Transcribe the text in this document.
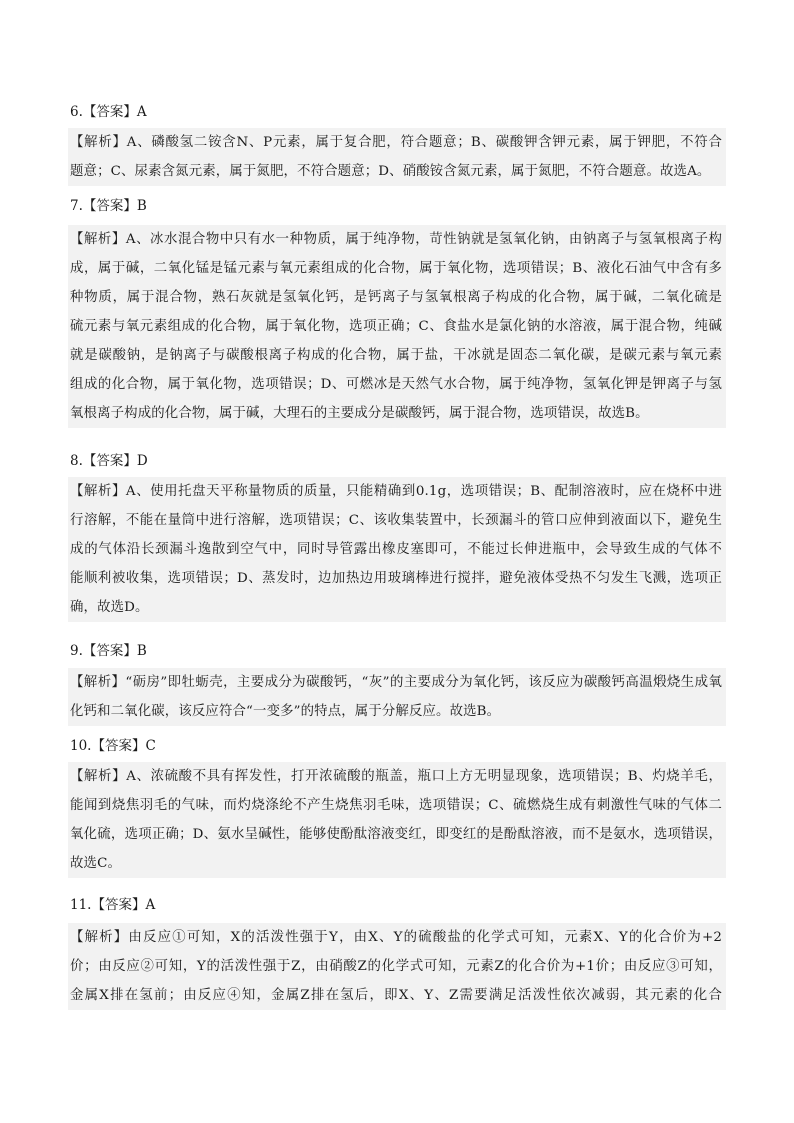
6.【答案】A
【解析】A、磷酸氢二铵含N、P元素，属于复合肥，符合题意；B、碳酸钾含钾元素，属于钾肥，不符合
题意；C、尿素含氮元素，属于氮肥，不符合题意；D、硝酸铵含氮元素，属于氮肥，不符合题意。故选A。
7.【答案】B
【解析】A、冰水混合物中只有水一种物质，属于纯净物，苛性钠就是氢氧化钠，由钠离子与氢氧根离子构
成，属于碱，二氧化锰是锰元素与氧元素组成的化合物，属于氧化物，选项错误；B、液化石油气中含有多
种物质，属于混合物，熟石灰就是氢氧化钙，是钙离子与氢氧根离子构成的化合物，属于碱，二氧化硫是
硫元素与氧元素组成的化合物，属于氧化物，选项正确；C、食盐水是氯化钠的水溶液，属于混合物，纯碱
就是碳酸钠，是钠离子与碳酸根离子构成的化合物，属于盐，干冰就是固态二氧化碳，是碳元素与氧元素
组成的化合物，属于氧化物，选项错误；D、可燃冰是天然气水合物，属于纯净物，氢氧化钾是钾离子与氢
氧根离子构成的化合物，属于碱，大理石的主要成分是碳酸钙，属于混合物，选项错误，故选B。
8.【答案】D
【解析】A、使用托盘天平称量物质的质量，只能精确到0.1g，选项错误；B、配制溶液时，应在烧杯中进
行溶解，不能在量筒中进行溶解，选项错误；C、该收集装置中，长颈漏斗的管口应伸到液面以下，避免生
成的气体沿长颈漏斗逸散到空气中，同时导管露出橡皮塞即可，不能过长伸进瓶中，会导致生成的气体不
能顺利被收集，选项错误；D、蒸发时，边加热边用玻璃棒进行搅拌，避免液体受热不匀发生飞溅，选项正
确，故选D。
9.【答案】B
【解析】“砺房”即牡蛎壳，主要成分为碳酸钙，“灰”的主要成分为氧化钙，该反应为碳酸钙高温煅烧生成氧
化钙和二氧化碳，该反应符合“一变多”的特点，属于分解反应。故选B。
10.【答案】C
【解析】A、浓硫酸不具有挥发性，打开浓硫酸的瓶盖，瓶口上方无明显现象，选项错误；B、灼烧羊毛，
能闻到烧焦羽毛的气味，而灼烧涤纶不产生烧焦羽毛味，选项错误；C、硫燃烧生成有刺激性气味的气体二
氧化硫，选项正确；D、氨水呈碱性，能够使酚酞溶液变红，即变红的是酚酞溶液，而不是氨水，选项错误，
故选C。
11.【答案】A
【解析】由反应①可知，X的活泼性强于Y，由X、Y的硫酸盐的化学式可知，元素X、Y的化合价为+2
价；由反应②可知，Y的活泼性强于Z，由硝酸Z的化学式可知，元素Z的化合价为+1价；由反应③可知，
金属X排在氢前；由反应④知，金属Z排在氢后，即X、Y、Z需要满足活泼性依次减弱，其元素的化合
